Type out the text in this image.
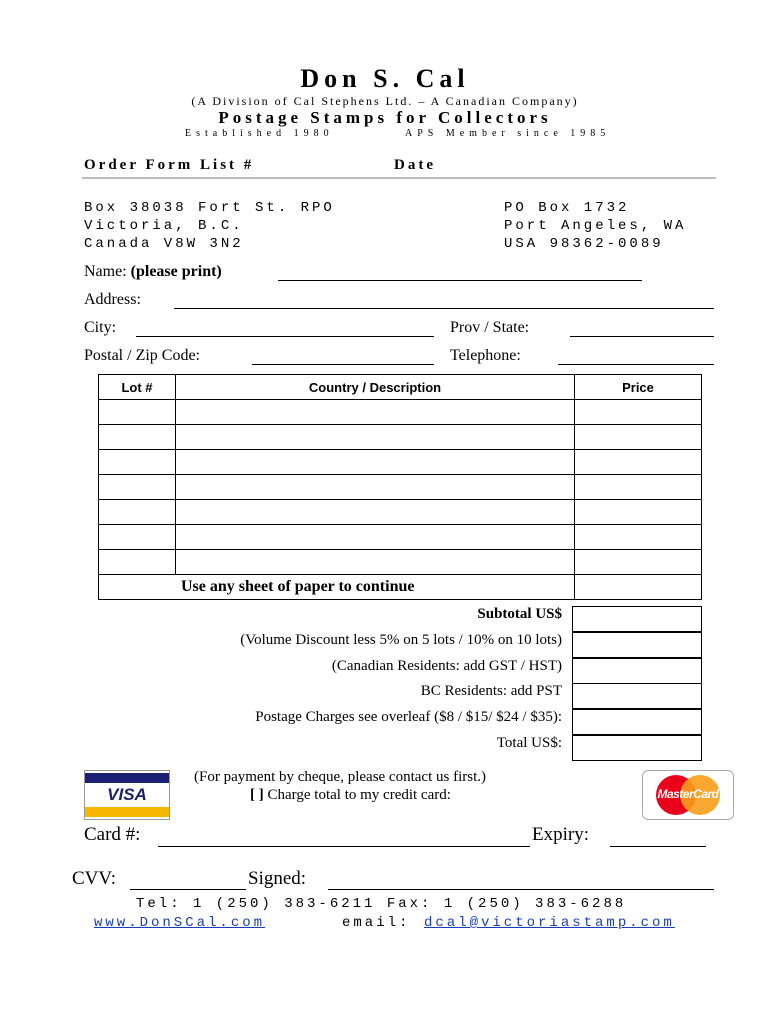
Don S. Cal
(A Division of Cal Stephens Ltd. – A Canadian Company)
Postage Stamps for Collectors
Established 1980	APS Member since 1985
Order Form List #	Date
Box 38038 Fort St. RPO
Victoria, B.C.
Canada V8W 3N2
PO Box 1732
Port Angeles, WA
USA 98362-0089
Name: (please print)
Address:
City:	Prov / State:
Postal / Zip Code:	Telephone:
Lot #	Country / Description	Price

Use any sheet of paper to continue		
Subtotal US$
(Volume Discount less 5% on 5 lots / 10% on 10 lots)
(Canadian Residents: add GST / HST)
BC Residents: add PST
Postage Charges see overleaf ($8 / $15/ $24 / $35):
Total US$:
VISA
(For payment by cheque, please contact us first.)
[ ] Charge total to my credit card:	MasterCard
Card #:	Expiry:
CVV:	Signed:
Tel: 1 (250) 383-6211 Fax: 1 (250) 383-6288
www.DonSCal.com	email: dcal@victoriastamp.com
